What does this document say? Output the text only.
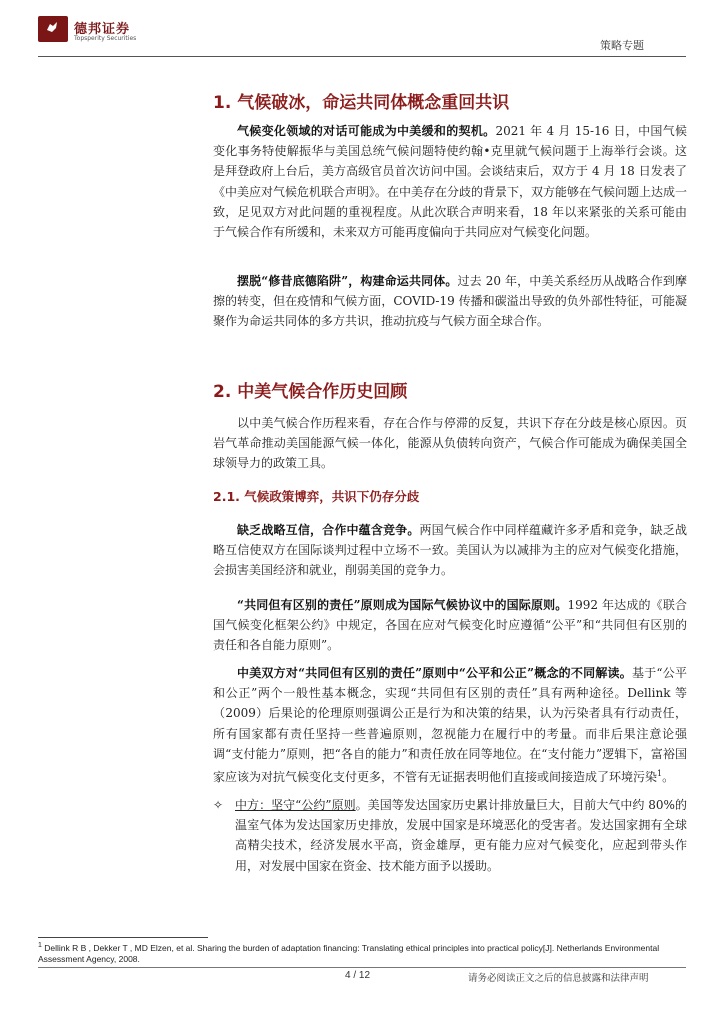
德邦证券
Topsperity Securities
策略专题
1. 气候破冰，命运共同体概念重回共识
气候变化领域的对话可能成为中美缓和的契机。2021 年 4 月 15-16 日，中国气候变化事务特使解振华与美国总统气候问题特使约翰•克里就气候问题于上海举行会谈。这是拜登政府上台后，美方高级官员首次访问中国。会谈结束后，双方于 4 月 18 日发表了《中美应对气候危机联合声明》。在中美存在分歧的背景下，双方能够在气候问题上达成一致，足见双方对此问题的重视程度。从此次联合声明来看，18 年以来紧张的关系可能由于气候合作有所缓和，未来双方可能再度偏向于共同应对气候变化问题。
摆脱“修昔底德陷阱”，构建命运共同体。过去 20 年，中美关系经历从战略合作到摩擦的转变，但在疫情和气候方面，COVID-19 传播和碳溢出导致的负外部性特征，可能凝聚作为命运共同体的多方共识，推动抗疫与气候方面全球合作。
2. 中美气候合作历史回顾
以中美气候合作历程来看，存在合作与停滞的反复，共识下存在分歧是核心原因。页岩气革命推动美国能源气候一体化，能源从负债转向资产，气候合作可能成为确保美国全球领导力的政策工具。
2.1. 气候政策博弈，共识下仍存分歧
缺乏战略互信，合作中蕴含竞争。两国气候合作中同样蕴藏许多矛盾和竞争，缺乏战略互信使双方在国际谈判过程中立场不一致。美国认为以减排为主的应对气候变化措施，会损害美国经济和就业，削弱美国的竞争力。
“共同但有区别的责任”原则成为国际气候协议中的国际原则。1992 年达成的《联合国气候变化框架公约》中规定，各国在应对气候变化时应遵循“公平”和“共同但有区别的责任和各自能力原则”。
中美双方对“共同但有区别的责任”原则中“公平和公正”概念的不同解读。基于“公平和公正”两个一般性基本概念，实现“共同但有区别的责任”具有两种途径。Dellink 等（2009）后果论的伦理原则强调公正是行为和决策的结果，认为污染者具有行动责任，所有国家都有责任坚持一些普遍原则，忽视能力在履行中的考量。而非后果注意论强调“支付能力”原则，把“各自的能力”和责任放在同等地位。在“支付能力”逻辑下，富裕国家应该为对抗气候变化支付更多，不管有无证据表明他们直接或间接造成了环境污染$^1$。
✧ 中方：坚守“公约”原则。美国等发达国家历史累计排放量巨大，目前大气中约 80%的温室气体为发达国家历史排放，发展中国家是环境恶化的受害者。发达国家拥有全球高精尖技术，经济发展水平高，资金雄厚，更有能力应对气候变化，应起到带头作用，对发展中国家在资金、技术能方面予以援助。
$^1$ Dellink R B , Dekker T , MD Elzen, et al. Sharing the burden of adaptation financing: Translating ethical principles into practical policy[J]. Netherlands Environmental Assessment Agency, 2008.
4 / 12	请务必阅读正文之后的信息披露和法律声明
